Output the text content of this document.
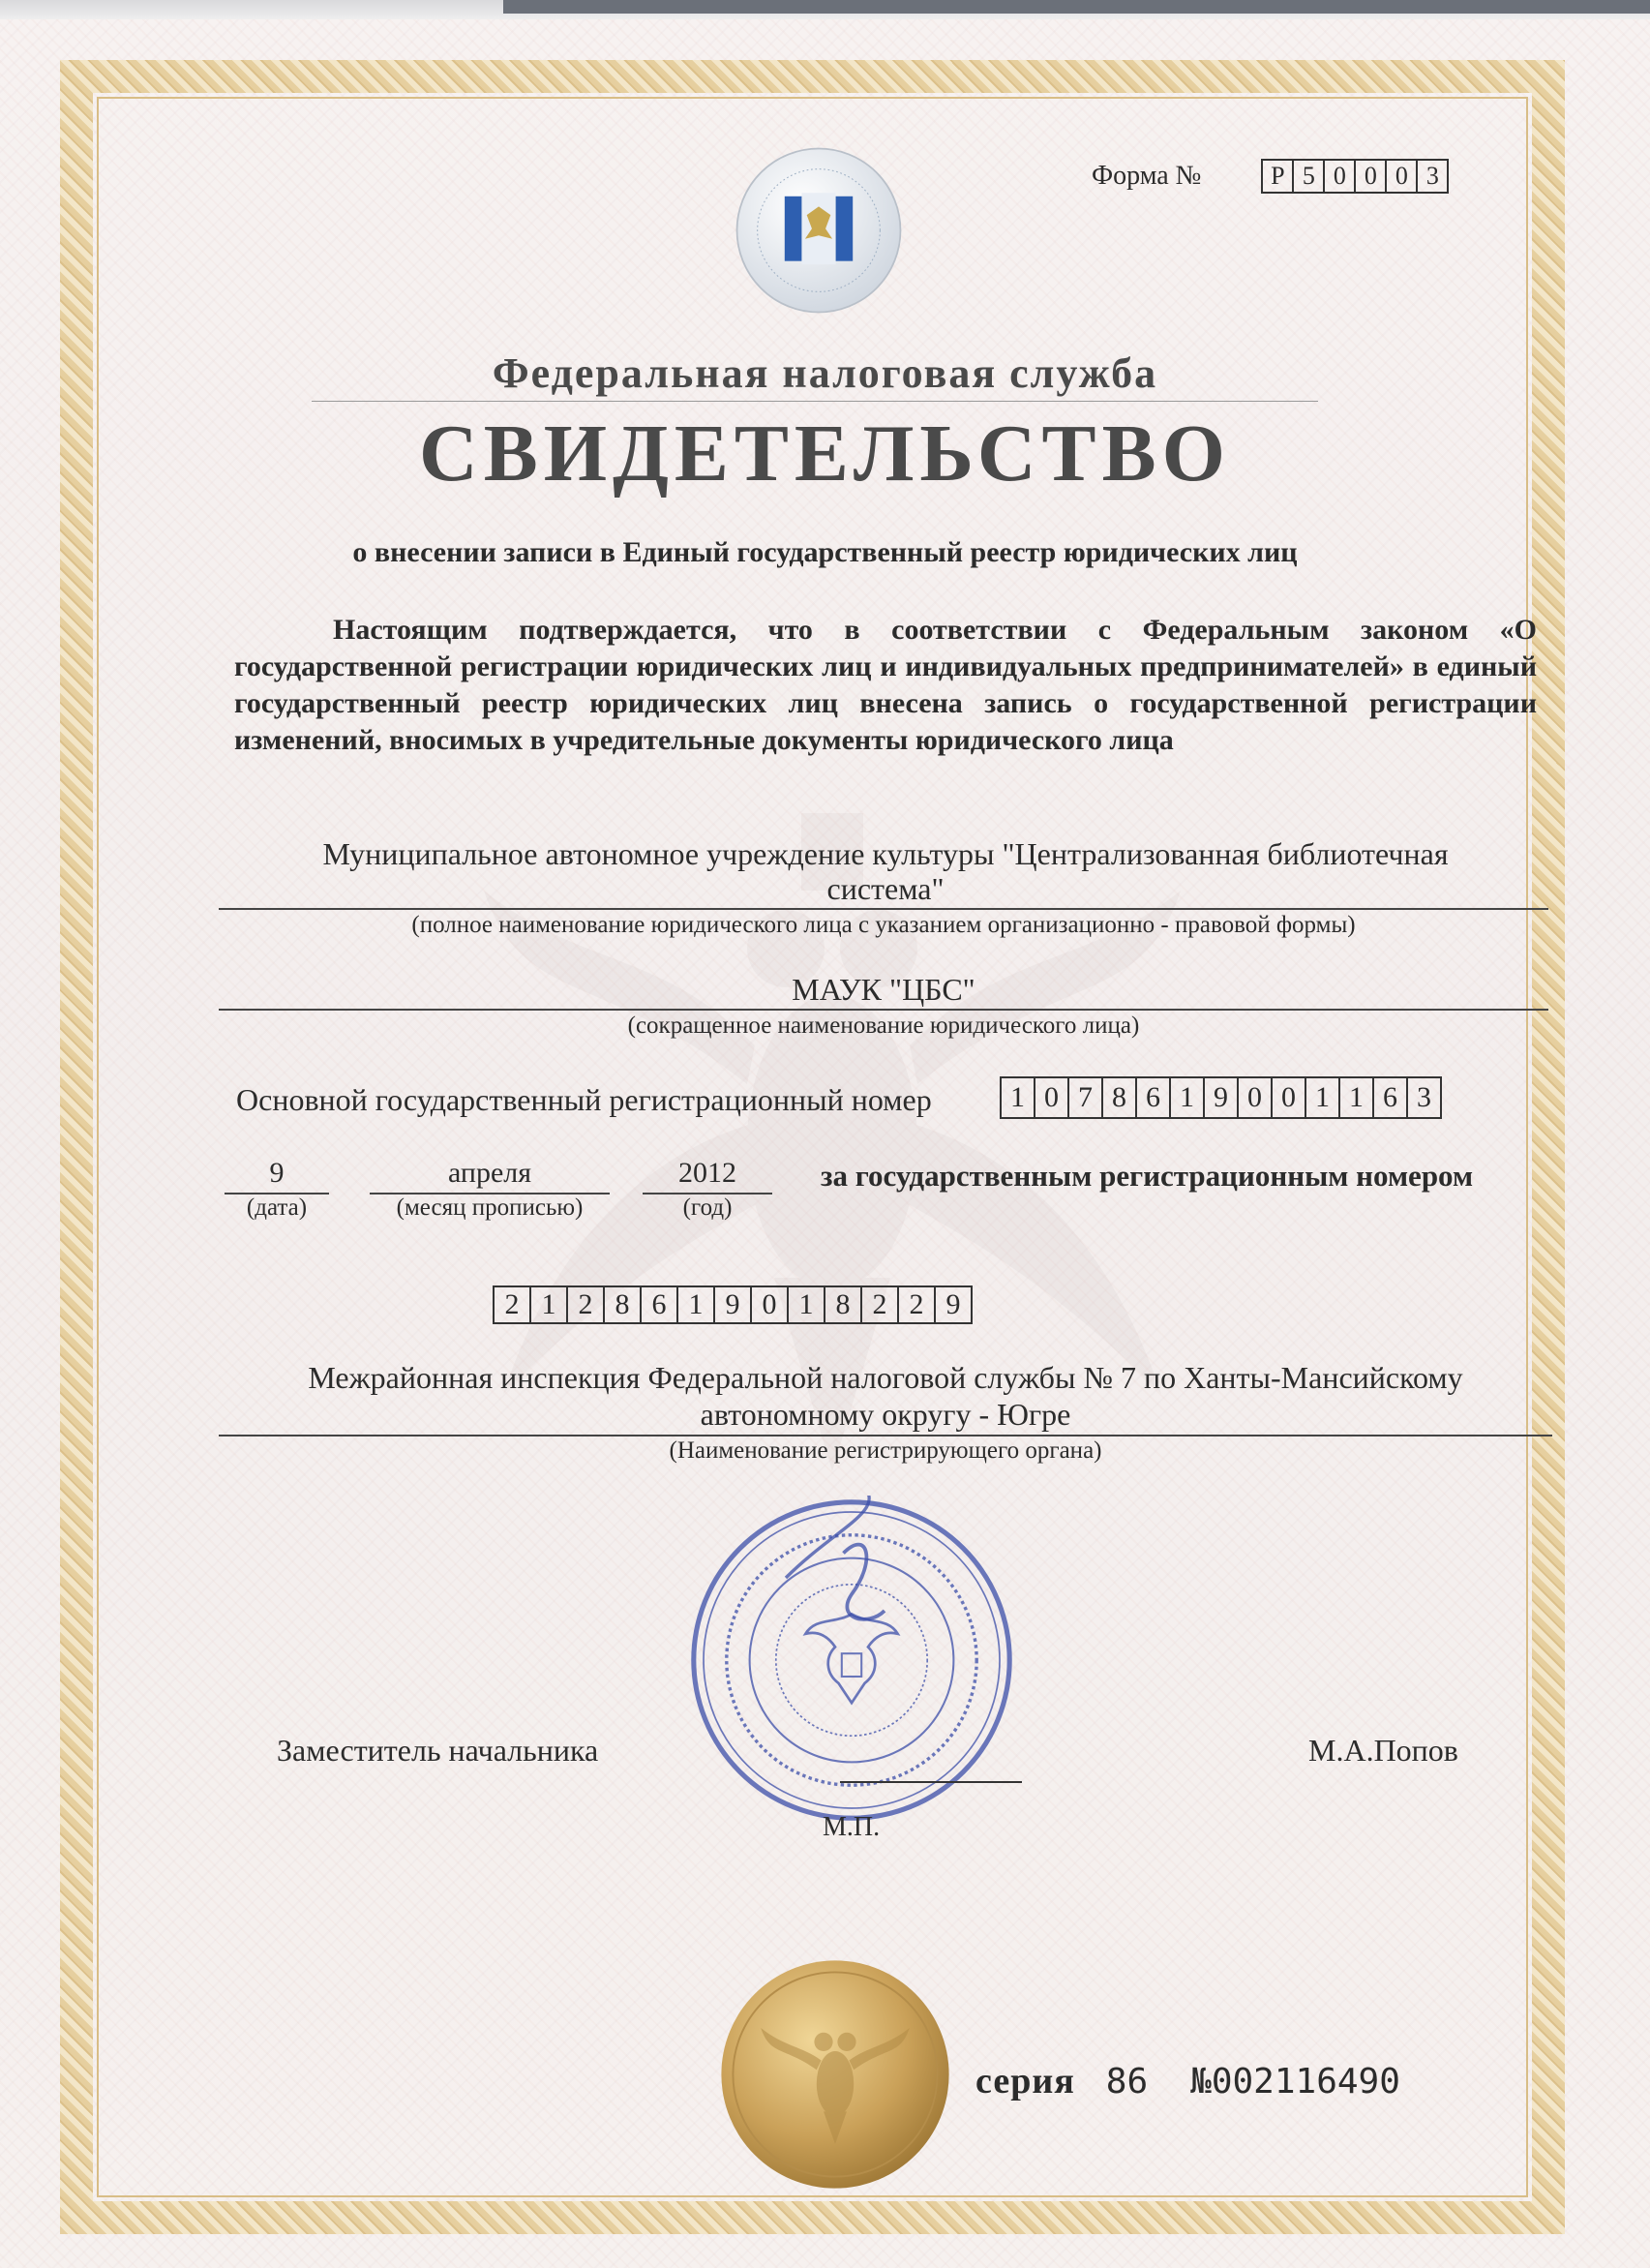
Форма №	Р 5 0 0 0 3
Федеральная налоговая служба
СВИДЕТЕЛЬСТВО
о внесении записи в Единый государственный реестр юридических лиц
Настоящим подтверждается, что в соответствии с Федеральным законом «О государственной регистрации юридических лиц и индивидуальных предпринимателей» в единый государственный реестр юридических лиц внесена запись о государственной регистрации изменений, вносимых в учредительные документы юридического лица
Муниципальное автономное учреждение культуры "Централизованная библиотечная
система"
(полное наименование юридического лица с указанием организационно - правовой формы)
МАУК "ЦБС"
(сокращенное наименование юридического лица)
Основной государственный регистрационный номер	1 0 7 8 6 1 9 0 0 1 1 6 3
9
(дата)
апреля
(месяц прописью)
2012
(год)
за государственным регистрационным номером
2 1 2 8 6 1 9 0 1 8 2 2 9
Межрайонная инспекция Федеральной налоговой службы № 7 по Ханты-Мансийскому
автономному округу - Югре
(Наименование регистрирующего органа)
Заместитель начальника	М.А.Попов
М.П.
серия 86 №002116490
